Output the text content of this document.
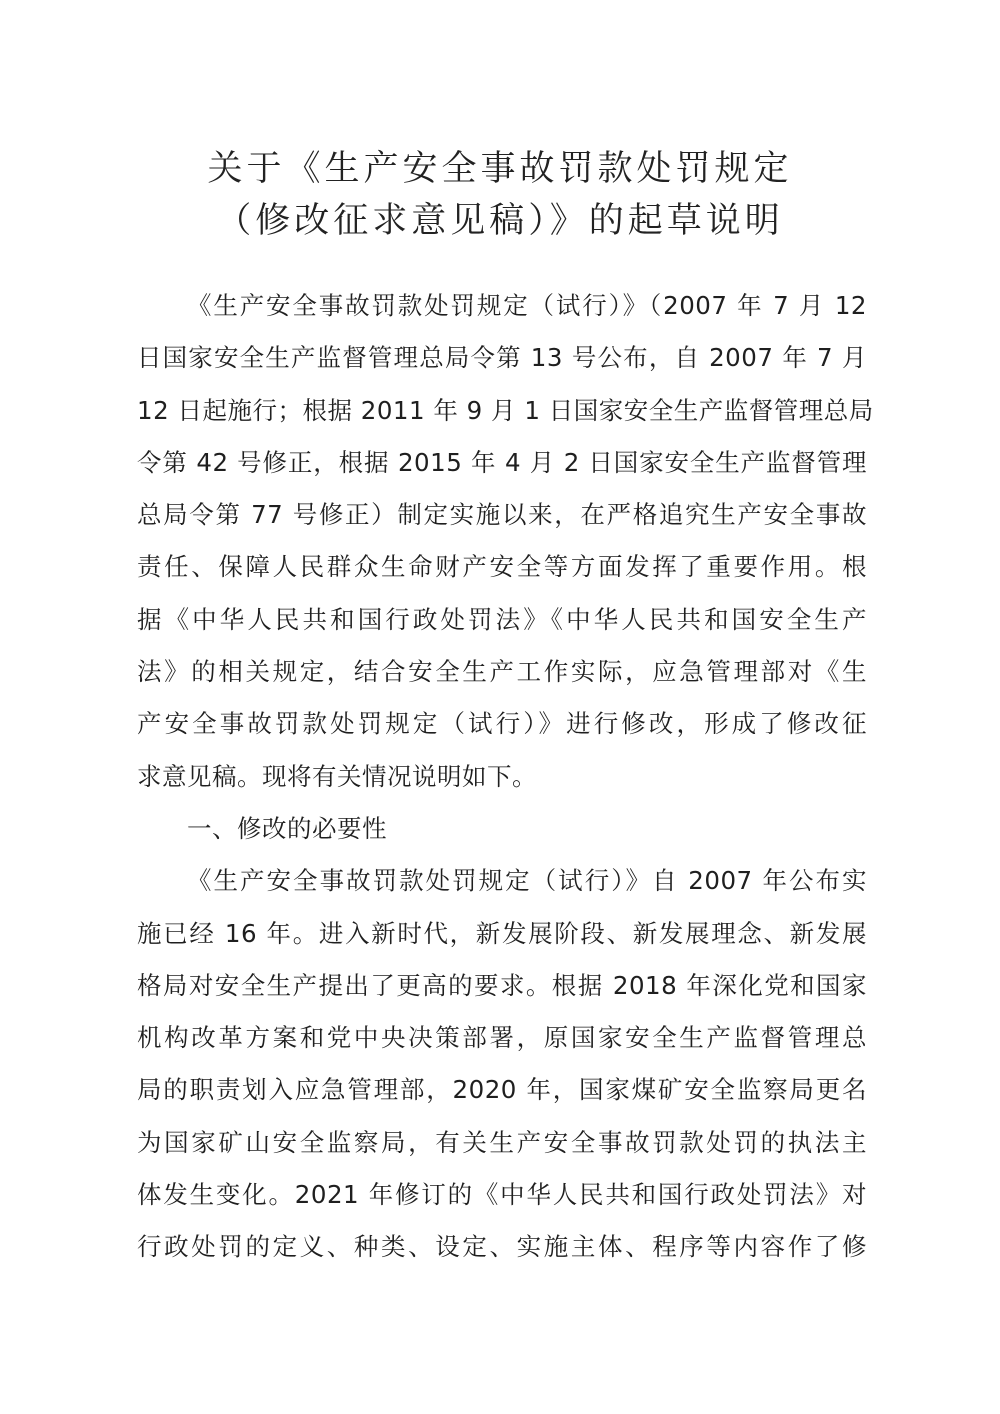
关于《生产安全事故罚款处罚规定
（修改征求意见稿）》的起草说明
《生产安全事故罚款处罚规定（试行）》（2007 年 7 月 12
日国家安全生产监督管理总局令第 13 号公布，自 2007 年 7 月
12 日起施行；根据 2011 年 9 月 1 日国家安全生产监督管理总局
令第 42 号修正，根据 2015 年 4 月 2 日国家安全生产监督管理
总局令第 77 号修正）制定实施以来，在严格追究生产安全事故
责任、保障人民群众生命财产安全等方面发挥了重要作用。根
据《中华人民共和国行政处罚法》《中华人民共和国安全生产
法》的相关规定，结合安全生产工作实际，应急管理部对《生
产安全事故罚款处罚规定（试行）》进行修改，形成了修改征
求意见稿。现将有关情况说明如下。
一、修改的必要性
《生产安全事故罚款处罚规定（试行）》自 2007 年公布实
施已经 16 年。进入新时代，新发展阶段、新发展理念、新发展
格局对安全生产提出了更高的要求。根据 2018 年深化党和国家
机构改革方案和党中央决策部署，原国家安全生产监督管理总
局的职责划入应急管理部，2020 年，国家煤矿安全监察局更名
为国家矿山安全监察局，有关生产安全事故罚款处罚的执法主
体发生变化。2021 年修订的《中华人民共和国行政处罚法》对
行政处罚的定义、种类、设定、实施主体、程序等内容作了修
